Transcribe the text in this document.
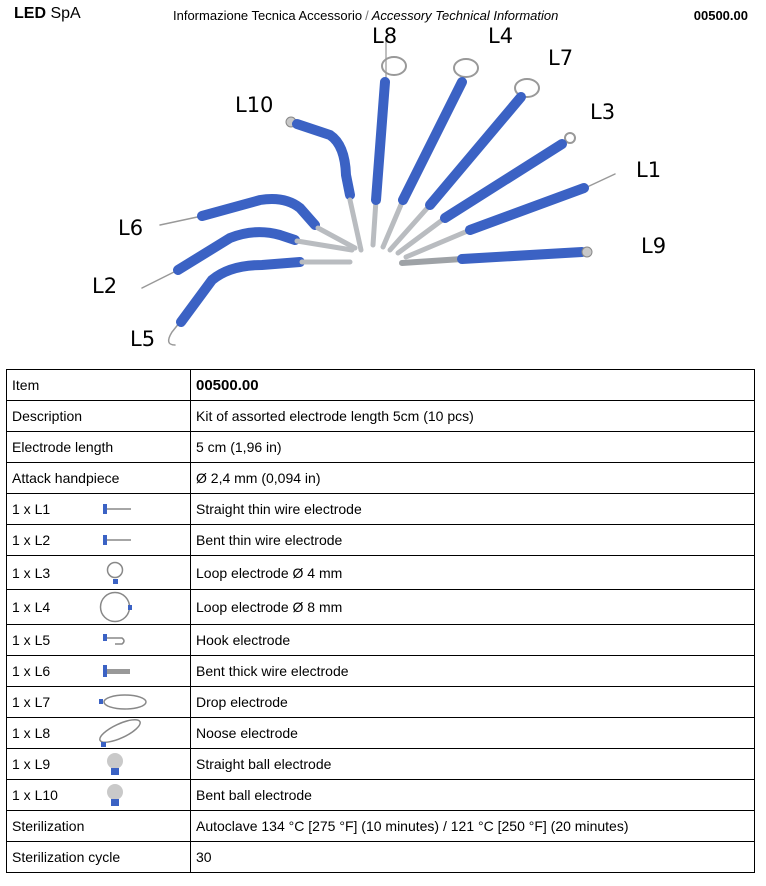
LED SpA	Informazione Tecnica Accessorio / Accessory Technical Information	00500.00
L8	L4
L7
L10	L3
L1
L6
L9
L2
L5
Item	00500.00
Description	Kit of assorted electrode length 5cm (10 pcs)
Electrode length	5 cm (1,96 in)
Attack handpiece	Ø 2,4 mm (0,094 in)
1 x L1	Straight thin wire electrode
1 x L2	Bent thin wire electrode
1 x L3	Loop electrode Ø 4 mm
1 x L4	Loop electrode Ø 8 mm
1 x L5	Hook electrode
1 x L6	Bent thick wire electrode
1 x L7	Drop electrode
1 x L8	Noose electrode
1 x L9	Straight ball electrode
1 x L10	Bent ball electrode
Sterilization	Autoclave 134 °C [275 °F] (10 minutes) / 121 °C [250 °F] (20 minutes)
Sterilization cycle	30
